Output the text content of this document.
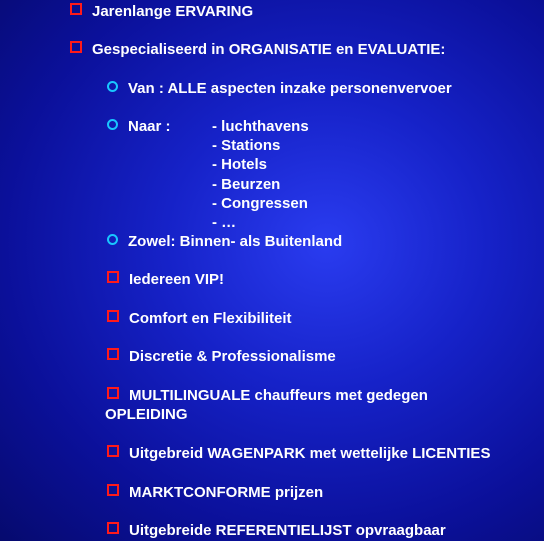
Jarenlange ERVARING
Gespecialiseerd in ORGANISATIE en EVALUATIE:
Van : ALLE aspecten inzake personenvervoer
Naar :	- luchthavens
- Stations
- Hotels
- Beurzen
- Congressen
- …
Zowel: Binnen- als Buitenland
Iedereen VIP!
Comfort en Flexibiliteit
Discretie & Professionalisme
MULTILINGUALE chauffeurs met gedegen
OPLEIDING
Uitgebreid WAGENPARK met wettelijke LICENTIES
MARKTCONFORME prijzen
Uitgebreide REFERENTIELIJST opvraagbaar
